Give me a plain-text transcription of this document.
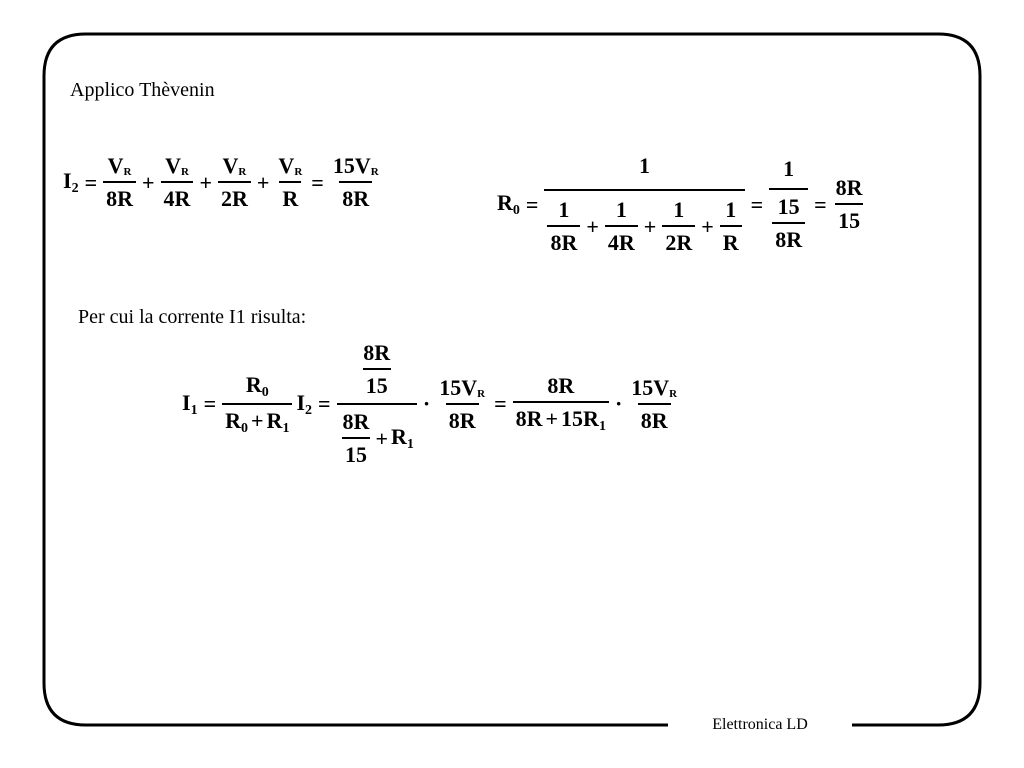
Applico Thèvenin
$I_2 = \frac{VR}{8R} + \frac{VR}{4R} + \frac{VR}{2R} + \frac{VR}{R} = \frac{15VR}{8R}$	$R_0 = \frac{1}{\frac{1}{8R} + \frac{1}{4R} + \frac{1}{2R} + \frac{1}{R}} = \frac{1}{\frac{15}{8R}} = \frac{8R}{15}$
Per cui la corrente I1 risulta:
$I_1 = \frac{R_0}{R_0 + R_1} I_2 = \frac{\frac{8R}{15}}{\frac{8R}{15} + R_1} \cdot \frac{15VR}{8R} = \frac{8R}{8R + 15R_1} \cdot \frac{15VR}{8R}$
Elettronica LD
